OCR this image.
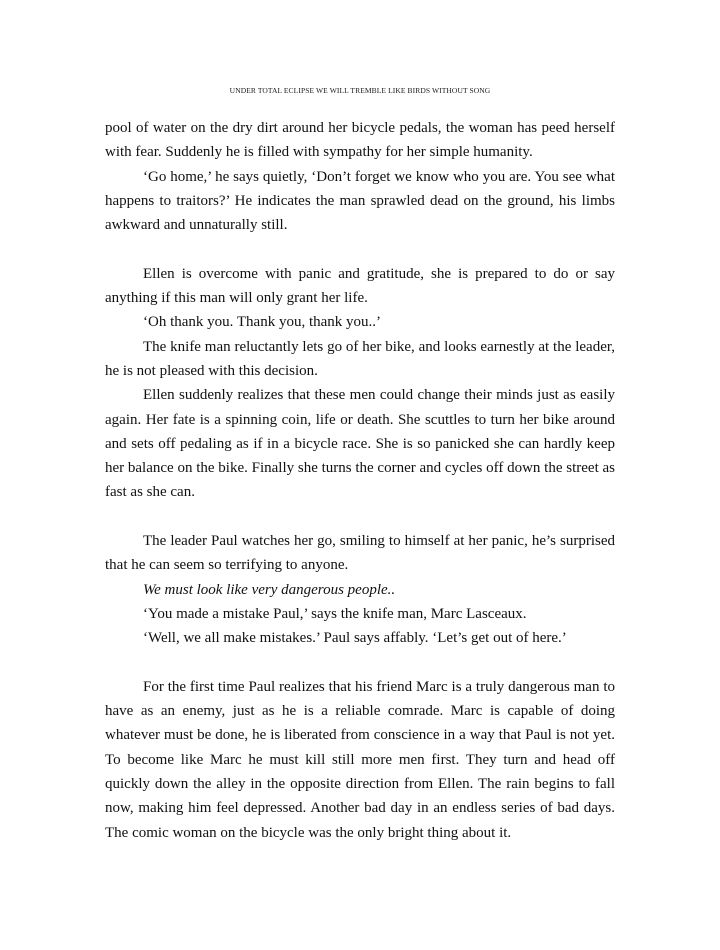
UNDER TOTAL ECLIPSE WE WILL TREMBLE LIKE BIRDS WITHOUT SONG

pool of water on the dry dirt around her bicycle pedals, the woman has peed herself with fear. Suddenly he is filled with sympathy for her simple humanity.

‘Go home,’ he says quietly, ‘Don’t forget we know who you are. You see what happens to traitors?’ He indicates the man sprawled dead on the ground, his limbs awkward and unnaturally still.

Ellen is overcome with panic and gratitude, she is prepared to do or say anything if this man will only grant her life.

‘Oh thank you. Thank you, thank you..’

The knife man reluctantly lets go of her bike, and looks earnestly at the leader, he is not pleased with this decision.

Ellen suddenly realizes that these men could change their minds just as easily again. Her fate is a spinning coin, life or death. She scuttles to turn her bike around and sets off pedaling as if in a bicycle race. She is so panicked she can hardly keep her balance on the bike. Finally she turns the corner and cycles off down the street as fast as she can.

The leader Paul watches her go, smiling to himself at her panic, he’s surprised that he can seem so terrifying to anyone.

We must look like very dangerous people..

‘You made a mistake Paul,’ says the knife man, Marc Lasceaux.

‘Well, we all make mistakes.’ Paul says affably. ‘Let’s get out of here.’

For the first time Paul realizes that his friend Marc is a truly dangerous man to have as an enemy, just as he is a reliable comrade. Marc is capable of doing whatever must be done, he is liberated from conscience in a way that Paul is not yet. To become like Marc he must kill still more men first. They turn and head off quickly down the alley in the opposite direction from Ellen. The rain begins to fall now, making him feel depressed. Another bad day in an endless series of bad days. The comic woman on the bicycle was the only bright thing about it.
